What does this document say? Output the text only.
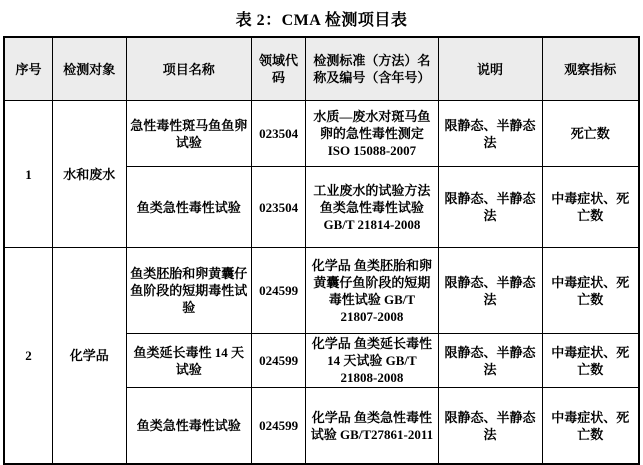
表 2：CMA 检测项目表
序号	检测对象	项目名称	领域代码	检测标准（方法）名称及编号（含年号）	说明	观察指标
1	水和废水	急性毒性斑马鱼鱼卵试验	023504	水质—废水对斑马鱼卵的急性毒性测定 ISO 15088-2007	限静态、半静态法	死亡数
		鱼类急性毒性试验	023504	工业废水的试验方法 鱼类急性毒性试验 GB/T 21814-2008	限静态、半静态法	中毒症状、死亡数
2	化学品	鱼类胚胎和卵黄囊仔鱼阶段的短期毒性试验	024599	化学品 鱼类胚胎和卵黄囊仔鱼阶段的短期毒性试验 GB/T 21807-2008	限静态、半静态法	中毒症状、死亡数
		鱼类延长毒性 14 天试验	024599	化学品 鱼类延长毒性 14 天试验 GB/T 21808-2008	限静态、半静态法	中毒症状、死亡数
		鱼类急性毒性试验	024599	化学品 鱼类急性毒性试验 GB/T27861-2011	限静态、半静态法	中毒症状、死亡数
